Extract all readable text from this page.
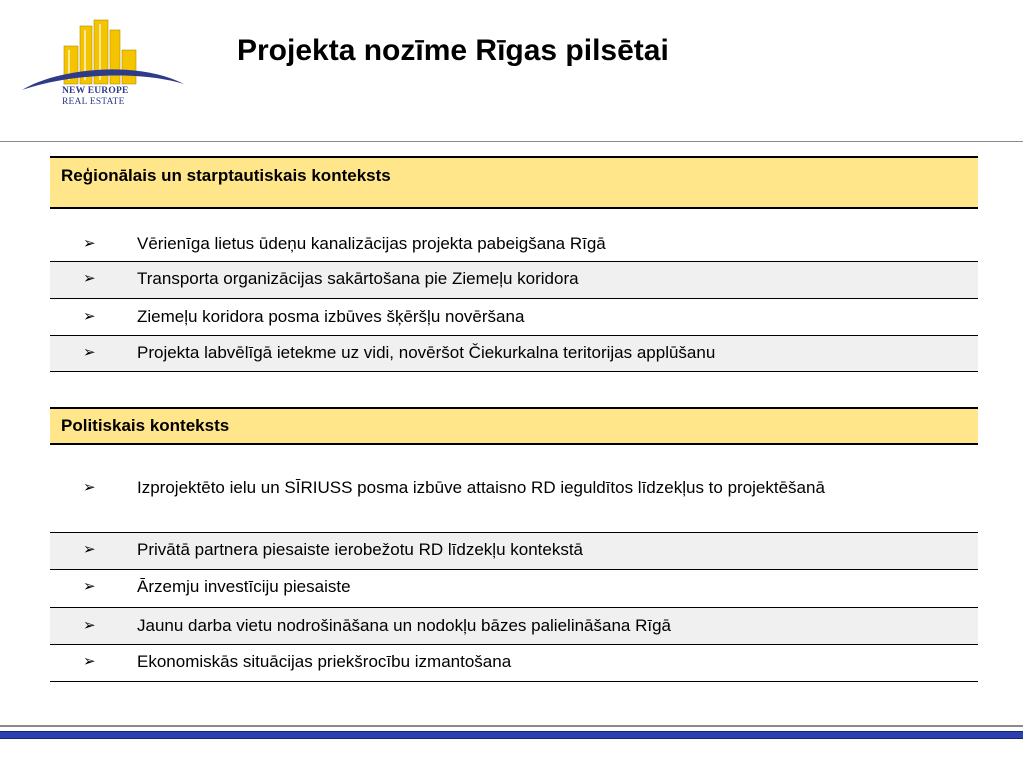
NEW EUROPE
REAL ESTATE
Projekta nozīme Rīgas pilsētai
Reģionālais un starptautiskais konteksts
➢	Vērienīga lietus ūdeņu kanalizācijas projekta pabeigšana Rīgā
➢	Transporta organizācijas sakārtošana pie Ziemeļu koridora
➢	Ziemeļu koridora posma izbūves šķēršļu novēršana
➢	Projekta labvēlīgā ietekme uz vidi, novēršot Čiekurkalna teritorijas applūšanu
Politiskais konteksts
➢	Izprojektēto ielu un SĪRIUSS posma izbūve attaisno RD ieguldītos līdzekļus to projektēšanā
➢	Privātā partnera piesaiste ierobežotu RD līdzekļu kontekstā
➢	Ārzemju investīciju piesaiste
➢	Jaunu darba vietu nodrošināšana un nodokļu bāzes palielināšana Rīgā
➢	Ekonomiskās situācijas priekšrocību izmantošana
